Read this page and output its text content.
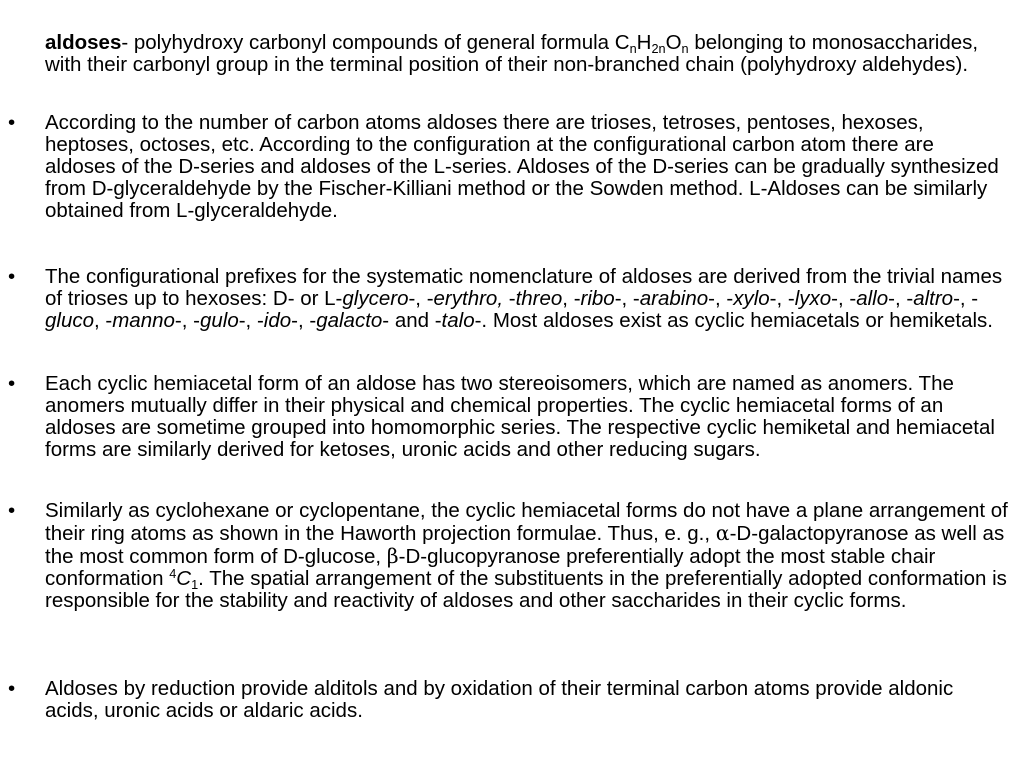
aldoses- polyhydroxy carbonyl compounds of general formula $C_nH_{2n}O_n$ belonging to monosaccharides, with their carbonyl group in the terminal position of their non-branched chain (polyhydroxy aldehydes).

• According to the number of carbon atoms aldoses there are trioses, tetroses, pentoses, hexoses, heptoses, octoses, etc. According to the configuration at the configurational carbon atom there are aldoses of the D-series and aldoses of the L-series. Aldoses of the D-series can be gradually synthesized from D-glyceraldehyde by the Fischer-Killiani method or the Sowden method. L-Aldoses can be similarly obtained from L-glyceraldehyde.
• The configurational prefixes for the systematic nomenclature of aldoses are derived from the trivial names of trioses up to hexoses: D- or L-glycero-, -erythro, -threo, -ribo-, -arabino-, -xylo-, -lyxo-, -allo-, -altro-, -gluco, -manno-, -gulo-, -ido-, -galacto- and -talo-. Most aldoses exist as cyclic hemiacetals or hemiketals.
• Each cyclic hemiacetal form of an aldose has two stereoisomers, which are named as anomers. The anomers mutually differ in their physical and chemical properties. The cyclic hemiacetal forms of an aldoses are sometime grouped into homomorphic series. The respective cyclic hemiketal and hemiacetal forms are similarly derived for ketoses, uronic acids and other reducing sugars.
• Similarly as cyclohexane or cyclopentane, the cyclic hemiacetal forms do not have a plane arrangement of their ring atoms as shown in the Haworth projection formulae. Thus, e. g., α-D-galactopyranose as well as the most common form of D-glucose, β-D-glucopyranose preferentially adopt the most stable chair conformation $^4C_1$. The spatial arrangement of the substituents in the preferentially adopted conformation is responsible for the stability and reactivity of aldoses and other saccharides in their cyclic forms.
• Aldoses by reduction provide alditols and by oxidation of their terminal carbon atoms provide aldonic acids, uronic acids or aldaric acids.
